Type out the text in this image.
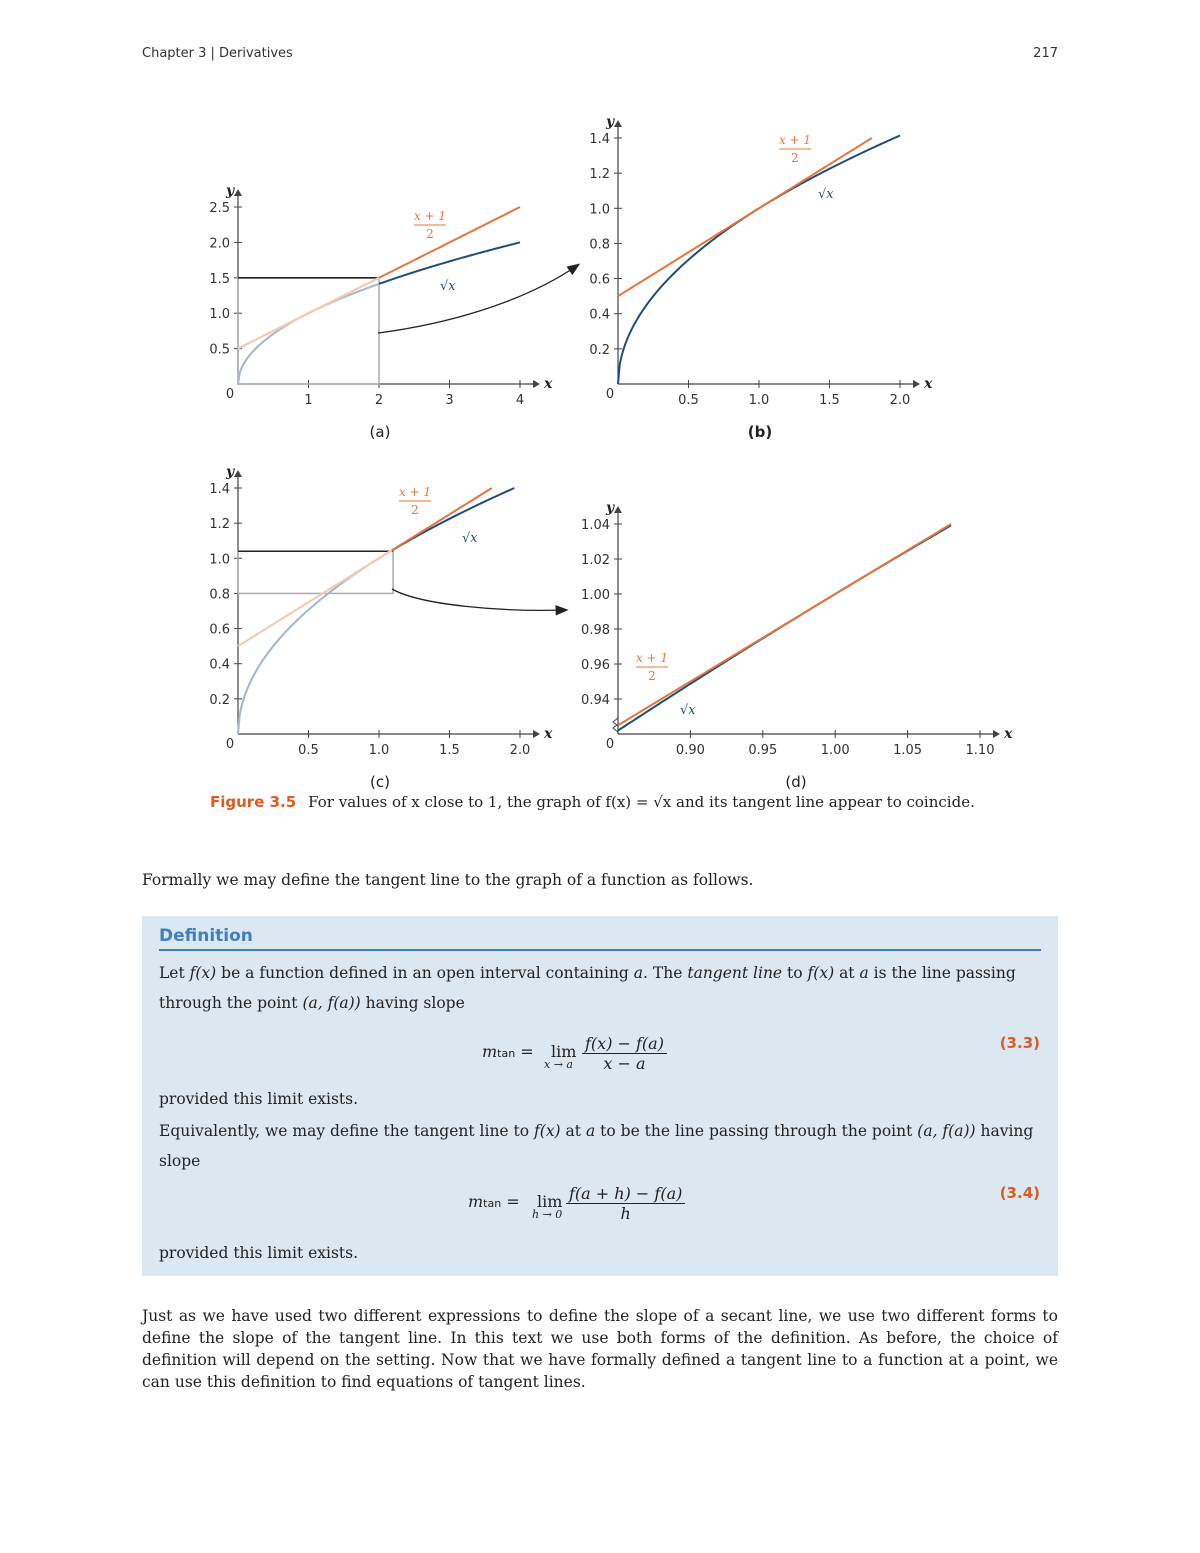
Chapter 3 | Derivatives	217
x
y
0	1	2	3	4
0.5
1.0
1.5
2.0
2.5
√x
x + 1
2
x
y
0	0.5	1.0	1.5	2.0
0.2
0.4
0.6
0.8
1.0
1.2
1.4
√x
x + 1
2
x
y
0	0.5	1.0	1.5	2.0
0.2
0.4
0.6
0.8
1.0
1.2
1.4
√x
x + 1
2
x
y
0.90	0.95	1.00	1.05	1.10
0
0.94
0.96
0.98
1.00
1.02
1.04
√x
x + 1
2
(a)	(b)
(c)	(d)
Figure 3.5 For values of x close to 1, the graph of f(x) = √x and its tangent line appear to coincide.
Formally we may define the tangent line to the graph of a function as follows.
Definition
Let f(x) be a function defined in an open interval containing a. The tangent line to f(x) at a is the line passing
through the point (a, f(a)) having slope
mtan = lim
x → a $\frac{f(x) - f(a)}{x - a}$	(3.3)
provided this limit exists.
Equivalently, we may define the tangent line to f(x) at a to be the line passing through the point (a, f(a)) having
slope
mtan = lim
$h \to 0 \frac{f(a + h) - f(a)}{h}$	(3.4)
provided this limit exists.
Just as we have used two different expressions to define the slope of a secant line, we use two different forms to define the slope of the tangent line. In this text we use both forms of the definition. As before, the choice of definition will depend on the setting. Now that we have formally defined a tangent line to a function at a point, we can use this definition to find equations of tangent lines.
